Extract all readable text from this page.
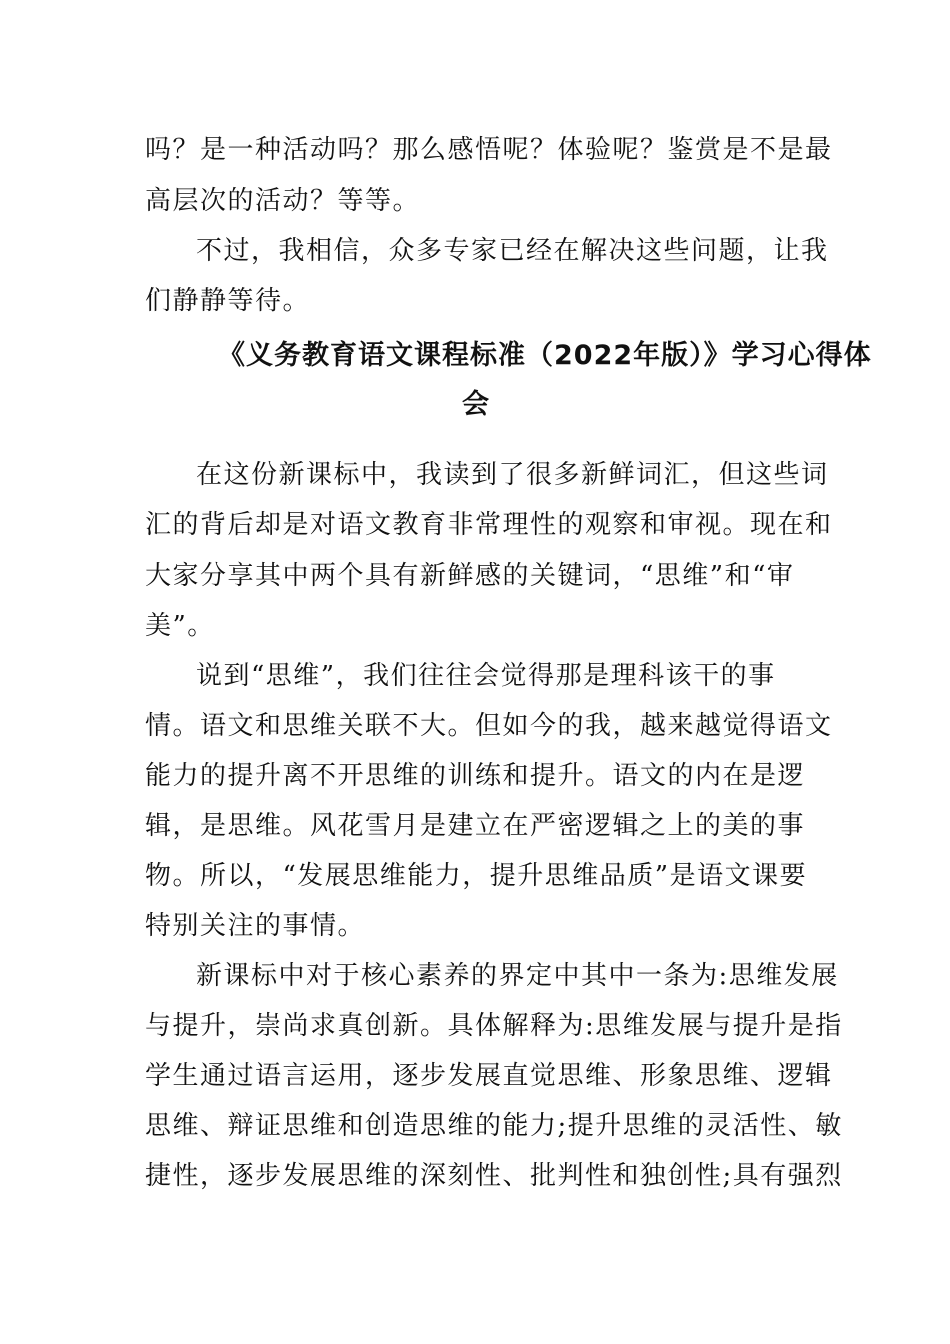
吗？是一种活动吗？那么感悟呢？体验呢？鉴赏是不是最
高层次的活动？等等。
不过，我相信，众多专家已经在解决这些问题，让我
们静静等待。
《义务教育语文课程标准（2022年版）》学习心得体
会
在这份新课标中，我读到了很多新鲜词汇，但这些词
汇的背后却是对语文教育非常理性的观察和审视。现在和
大家分享其中两个具有新鲜感的关键词，“思维”和“审
美”。
说到“思维”，我们往往会觉得那是理科该干的事
情。语文和思维关联不大。但如今的我，越来越觉得语文
能力的提升离不开思维的训练和提升。语文的内在是逻
辑，是思维。风花雪月是建立在严密逻辑之上的美的事
物。所以，“发展思维能力，提升思维品质”是语文课要
特别关注的事情。
新课标中对于核心素养的界定中其中一条为:思维发展
与提升，崇尚求真创新。具体解释为:思维发展与提升是指
学生通过语言运用，逐步发展直觉思维、形象思维、逻辑
思维、辩证思维和创造思维的能力;提升思维的灵活性、敏
捷性，逐步发展思维的深刻性、批判性和独创性;具有强烈
